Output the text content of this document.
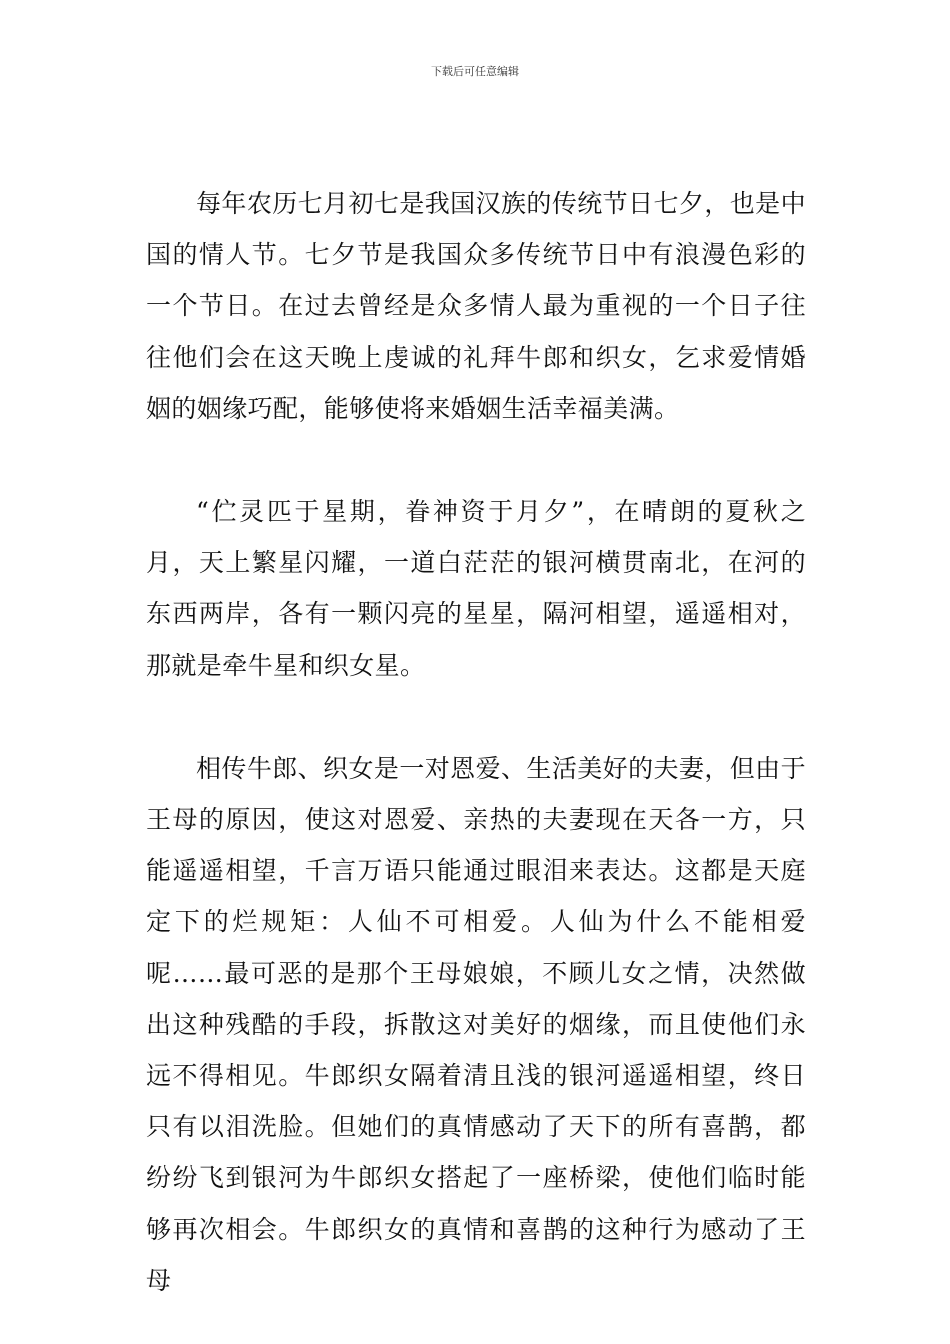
下载后可任意编辑

每年农历七月初七是我国汉族的传统节日七夕，也是中国的情人节。七夕节是我国众多传统节日中有浪漫色彩的一个节日。在过去曾经是众多情人最为重视的一个日子往往他们会在这天晚上虔诚的礼拜牛郎和织女，乞求爱情婚姻的姻缘巧配，能够使将来婚姻生活幸福美满。

“伫灵匹于星期，眷神资于月夕”，在晴朗的夏秋之月，天上繁星闪耀，一道白茫茫的银河横贯南北，在河的东西两岸，各有一颗闪亮的星星，隔河相望，遥遥相对，那就是牵牛星和织女星。

相传牛郎、织女是一对恩爱、生活美好的夫妻，但由于王母的原因，使这对恩爱、亲热的夫妻现在天各一方，只能遥遥相望，千言万语只能通过眼泪来表达。这都是天庭定下的烂规矩：人仙不可相爱。人仙为什么不能相爱呢……最可恶的是那个王母娘娘，不顾儿女之情，决然做出这种残酷的手段，拆散这对美好的烟缘，而且使他们永远不得相见。牛郎织女隔着清且浅的银河遥遥相望，终日只有以泪洗脸。但她们的真情感动了天下的所有喜鹊，都纷纷飞到银河为牛郎织女搭起了一座桥梁，使他们临时能够再次相会。牛郎织女的真情和喜鹊的这种行为感动了王母
